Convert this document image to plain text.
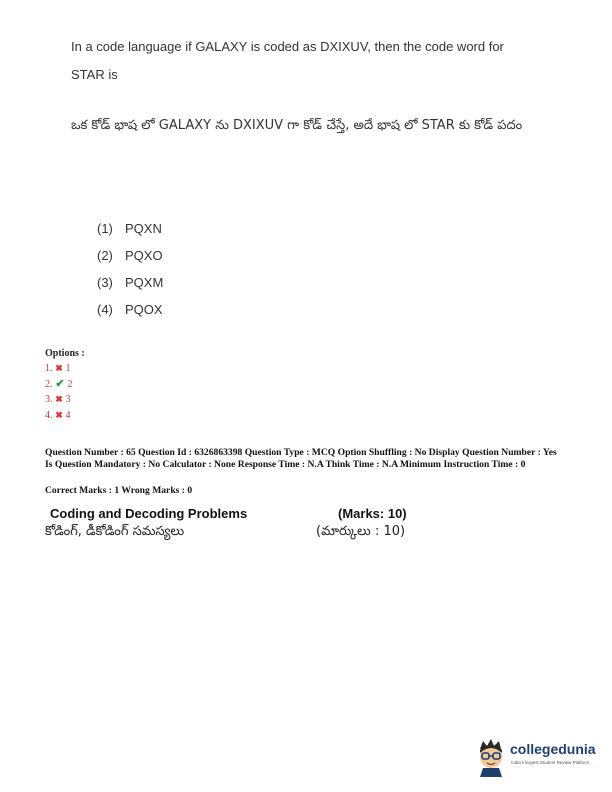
In a code language if GALAXY is coded as DXIXUV, then the code word for STAR is
ఒక కోడ్ భాష లో GALAXY ను DXIXUV గా కోడ్ చేస్తే, అదే భాష లో STAR కు కోడ్ పదం
(1) PQXN
(2) PQXO
(3) PQXM
(4) PQOX
Options :
1. ✖ 1
2. ✔ 2
3. ✖ 3
4. ✖ 4
Question Number : 65 Question Id : 6326863398 Question Type : MCQ Option Shuffling : No Display Question Number : Yes Is Question Mandatory : No Calculator : None Response Time : N.A Think Time : N.A Minimum Instruction Time : 0
Correct Marks : 1 Wrong Marks : 0
Coding and Decoding Problems
కోడింగ్, డీకోడింగ్ సమస్యలు
(Marks: 10)
(మార్కులు : 10)
collegedunia
India's largest Student Review Platform
